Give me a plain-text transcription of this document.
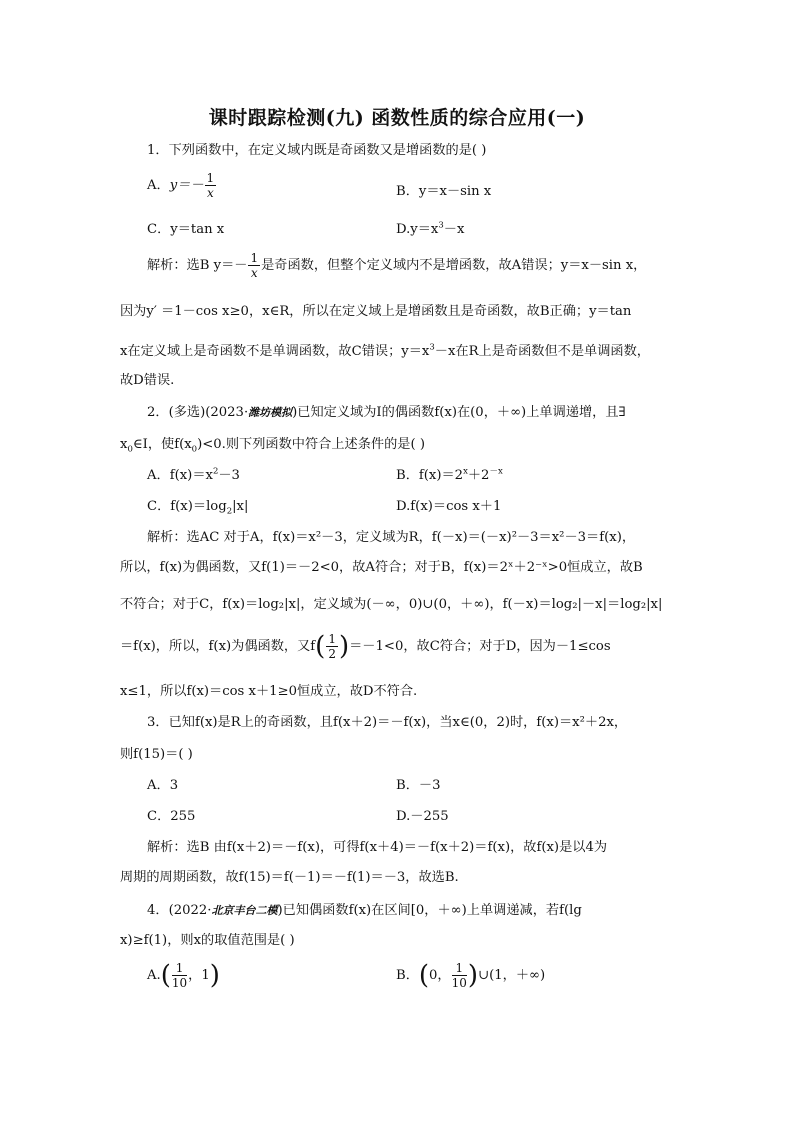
课时跟踪检测(九) 函数性质的综合应用(一)
1．下列函数中，在定义域内既是奇函数又是增函数的是( )
A．$y=- \frac{1}{x}$	B．y＝x－sin x
C．y＝tan x	$D.y=x^3-x$
解析：选B $y=- \frac{1}{x}$ 是奇函数，但整个定义域内不是增函数，故A错误；y＝x－sin x，
因为y′ ＝1－cos x≥0，x∈R，所以在定义域上是增函数且是奇函数，故B正确；y＝tan
x在定义域上是奇函数不是单调函数，故C错误；$y=x^3-x$在R上是奇函数但不是单调函数，
故D错误.
2．(多选)(2023·潍坊模拟)已知定义域为I的偶函数f(x)在(0，＋∞)上单调递增，且∃
$x_0\in I$，使$f(x_0)<0$.则下列函数中符合上述条件的是( )
A．$f(x)=x^2-3$	B．$f(x)=2^x+2^{-x}$
C．$f(x)=\log_2|x|$	D.f(x)＝cos x＋1
解析：选AC 对于A，f(x)＝x²－3，定义域为R，f(－x)＝(－x)²－3＝x²－3＝f(x)，
所以，f(x)为偶函数，又f(1)＝－2<0，故A符合；对于B，f(x)＝2ˣ＋2⁻ˣ>0恒成立，故B
不符合；对于C，f(x)＝log₂|x|，定义域为(－∞，0)∪(0，＋∞)，f(－x)＝log₂|－x|＝log₂|x|
＝f(x)，所以，f(x)为偶函数，又$f( \frac{1}{2} )=-1<0$，故C符合；对于D，因为－1≤cos
x≤1，所以f(x)＝cos x＋1≥0恒成立，故D不符合.
3．已知f(x)是R上的奇函数，且f(x＋2)＝－f(x)，当x∈(0，2)时，f(x)＝x²＋2x，
则f(15)＝( )
A．3	B．－3
C．255	D.－255
解析：选B 由f(x＋2)＝－f(x)，可得f(x＋4)＝－f(x＋2)＝f(x)，故f(x)是以4为
周期的周期函数，故f(15)＝f(－1)＝－f(1)＝－3，故选B.
4．(2022·北京丰台二模)已知偶函数f(x)在区间[0，＋∞)上单调递减，若f(lg
x)≥f(1)，则x的取值范围是( )
$A.( \frac{1}{10}$ ，1)	B．(0， $\frac{1}{10}$ )∪(1，＋∞)
